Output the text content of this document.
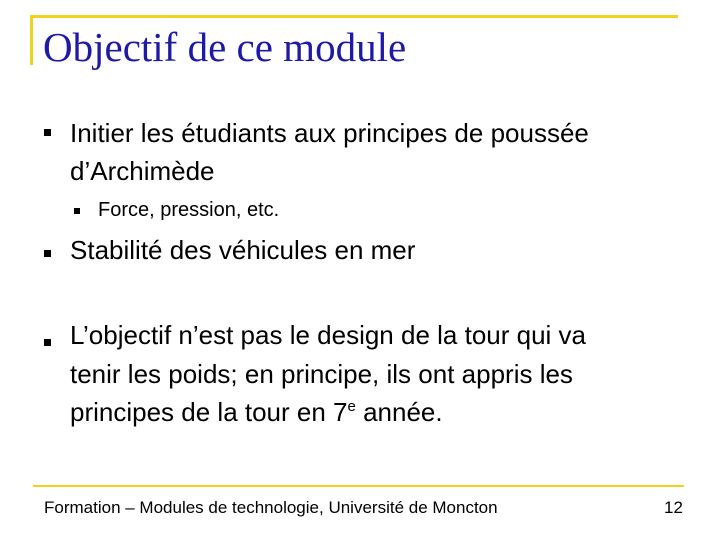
Objectif de ce module
Initier les étudiants aux principes de poussée
d’Archimède
Force, pression, etc.
Stabilité des véhicules en mer
L’objectif n’est pas le design de la tour qui va
tenir les poids; en principe, ils ont appris les
principes de la tour en 7e année.
Formation – Modules de technologie, Université de Moncton	12
